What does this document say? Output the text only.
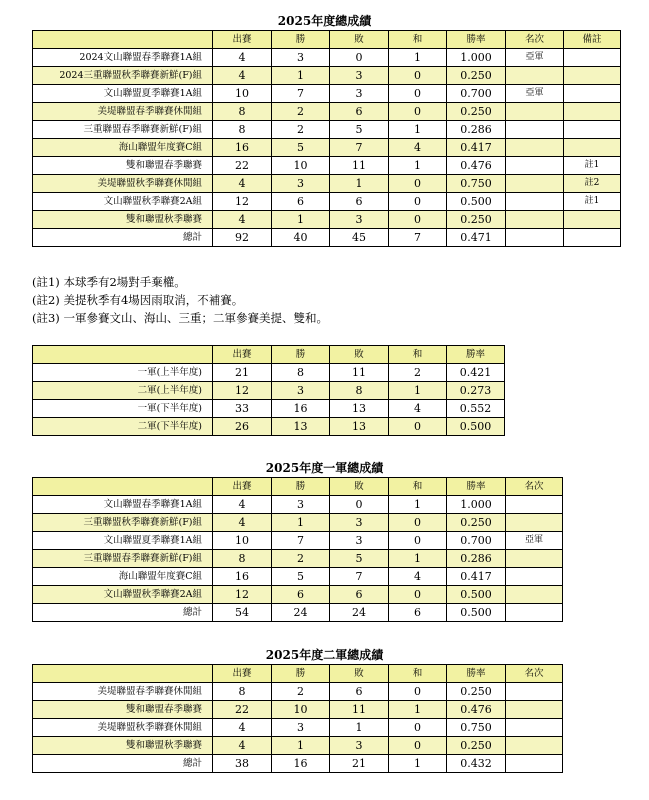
2025年度總成績
	出賽	勝	敗	和	勝率	名次	備註
2024文山聯盟春季聯賽1A組	4	3	0	1	1.000	亞軍	
2024三重聯盟秋季聯賽新鮮(F)組	4	1	3	0	0.250		
文山聯盟夏季聯賽1A組	10	7	3	0	0.700	亞軍	
美堤聯盟春季聯賽休閒組	8	2	6	0	0.250		
三重聯盟春季聯賽新鮮(F)組	8	2	5	1	0.286		
海山聯盟年度賽C組	16	5	7	4	0.417		
雙和聯盟春季聯賽	22	10	11	1	0.476		註1
美堤聯盟秋季聯賽休閒組	4	3	1	0	0.750		註2
文山聯盟秋季聯賽2A組	12	6	6	0	0.500		註1
雙和聯盟秋季聯賽	4	1	3	0	0.250		
總計	92	40	45	7	0.471		
(註1) 本球季有2場對手棄權。
(註2) 美提秋季有4場因雨取消，不補賽。
(註3) 一軍參賽文山、海山、三重；二軍參賽美提、雙和。
	出賽	勝	敗	和	勝率
一軍(上半年度)	21	8	11	2	0.421
二軍(上半年度)	12	3	8	1	0.273
一軍(下半年度)	33	16	13	4	0.552
二軍(下半年度)	26	13	13	0	0.500
2025年度一軍總成績
	出賽	勝	敗	和	勝率	名次
文山聯盟春季聯賽1A組	4	3	0	1	1.000	
三重聯盟秋季聯賽新鮮(F)組	4	1	3	0	0.250	
文山聯盟夏季聯賽1A組	10	7	3	0	0.700	亞軍
三重聯盟春季聯賽新鮮(F)組	8	2	5	1	0.286	
海山聯盟年度賽C組	16	5	7	4	0.417	
文山聯盟秋季聯賽2A組	12	6	6	0	0.500	
總計	54	24	24	6	0.500	
2025年度二軍總成績
	出賽	勝	敗	和	勝率	名次
美堤聯盟春季聯賽休閒組	8	2	6	0	0.250	
雙和聯盟春季聯賽	22	10	11	1	0.476	
美堤聯盟秋季聯賽休閒組	4	3	1	0	0.750	
雙和聯盟秋季聯賽	4	1	3	0	0.250	
總計	38	16	21	1	0.432	
